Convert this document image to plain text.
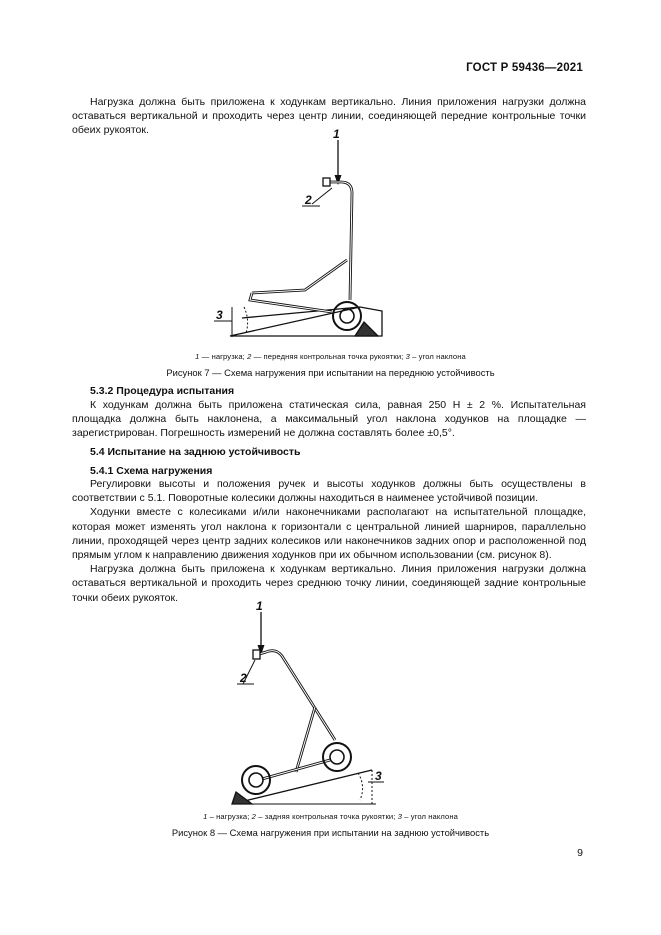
ГОСТ Р 59436—2021

Нагрузка должна быть приложена к ходункам вертикально. Линия приложения нагрузки должна оставаться вертикальной и проходить через центр линии, соединяющей передние контрольные точки обеих рукояток.	1
2
3
1
2
3
1 — нагрузка; 2 — передняя контрольная точка рукоятки; 3 – угол наклона
Рисунок 7 — Схема нагружения при испытании на переднюю устойчивость
5.3.2 Процедура испытания

К ходункам должна быть приложена статическая сила, равная 250 Н ± 2 %. Испытательная площадка должна быть наклонена, а максимальный угол наклона ходунков на площадке — зарегистрирован. Погрешность измерений не должна составлять более ±0,5°.

5.4 Испытание на заднюю устойчивость
5.4.1 Схема нагружения

Регулировки высоты и положения ручек и высоты ходунков должны быть осуществлены в соответствии с 5.1. Поворотные колесики должны находиться в наименее устойчивой позиции.

Ходунки вместе с колесиками и/или наконечниками располагают на испытательной площадке, которая может изменять угол наклона к горизонтали с центральной линией шарниров, параллельно линии, проходящей через центр задних колесиков или наконечников задних опор и расположенной под прямым углом к направлению движения ходунков при их обычном использовании (см. рисунок 8).

Нагрузка должна быть приложена к ходункам вертикально. Линия приложения нагрузки должна оставаться вертикальной и проходить через среднюю точку линии, соединяющей задние контрольные точки обеих рукояток.

1 – нагрузка; 2 – задняя контрольная точка рукоятки; 3 – угол наклона
Рисунок 8 — Схема нагружения при испытании на заднюю устойчивость
9
